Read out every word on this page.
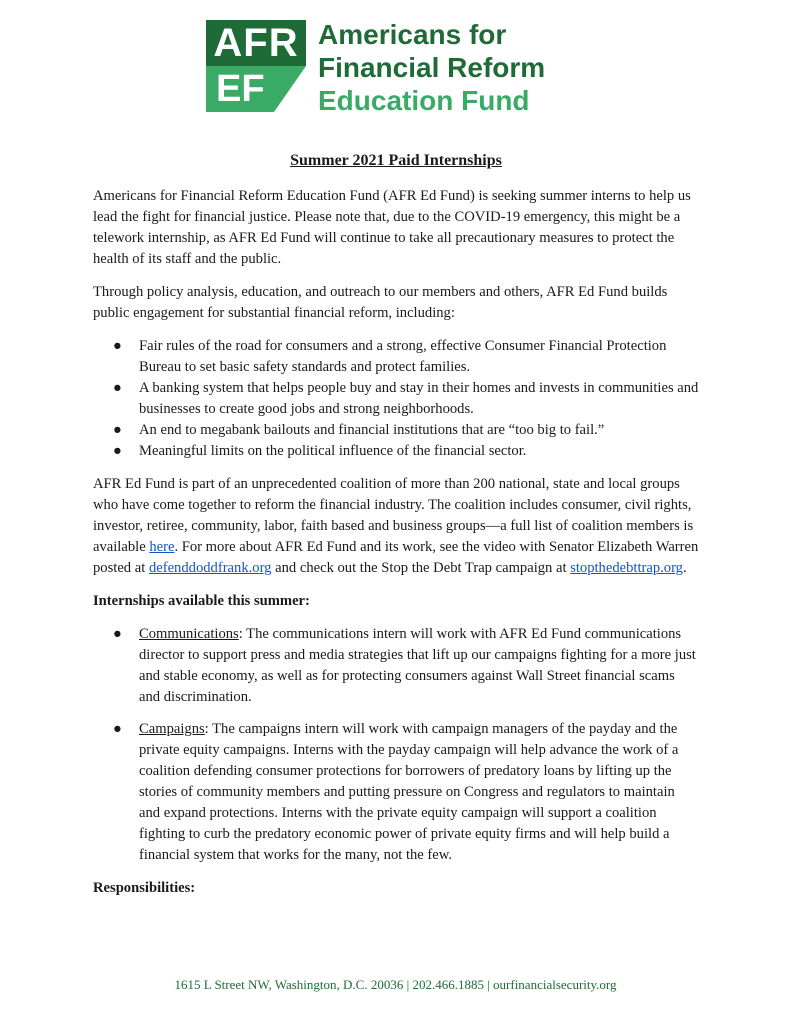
AFR
EF
Americans for
Financial Reform
Education Fund
Summer 2021 Paid Internships

Americans for Financial Reform Education Fund (AFR Ed Fund) is seeking summer interns to help us lead the fight for financial justice. Please note that, due to the COVID-19 emergency, this might be a telework internship, as AFR Ed Fund will continue to take all precautionary measures to protect the health of its staff and the public.

Through policy analysis, education, and outreach to our members and others, AFR Ed Fund builds public engagement for substantial financial reform, including:

● Fair rules of the road for consumers and a strong, effective Consumer Financial Protection Bureau to set basic safety standards and protect families.
● A banking system that helps people buy and stay in their homes and invests in communities and businesses to create good jobs and strong neighborhoods.
● An end to megabank bailouts and financial institutions that are “too big to fail.”
● Meaningful limits on the political influence of the financial sector.

AFR Ed Fund is part of an unprecedented coalition of more than 200 national, state and local groups who have come together to reform the financial industry. The coalition includes consumer, civil rights, investor, retiree, community, labor, faith based and business groups—a full list of coalition members is available here. For more about AFR Ed Fund and its work, see the video with Senator Elizabeth Warren posted at defenddoddfrank.org and check out the Stop the Debt Trap campaign at stopthedebttrap.org.

Internships available this summer:

● Communications: The communications intern will work with AFR Ed Fund communications director to support press and media strategies that lift up our campaigns fighting for a more just and stable economy, as well as for protecting consumers against Wall Street financial scams and discrimination.
● Campaigns: The campaigns intern will work with campaign managers of the payday and the private equity campaigns. Interns with the payday campaign will help advance the work of a coalition defending consumer protections for borrowers of predatory loans by lifting up the stories of community members and putting pressure on Congress and regulators to maintain and expand protections. Interns with the private equity campaign will support a coalition fighting to curb the predatory economic power of private equity firms and will help build a financial system that works for the many, not the few.

Responsibilities:

1615 L Street NW, Washington, D.C. 20036 | 202.466.1885 | ourfinancialsecurity.org
